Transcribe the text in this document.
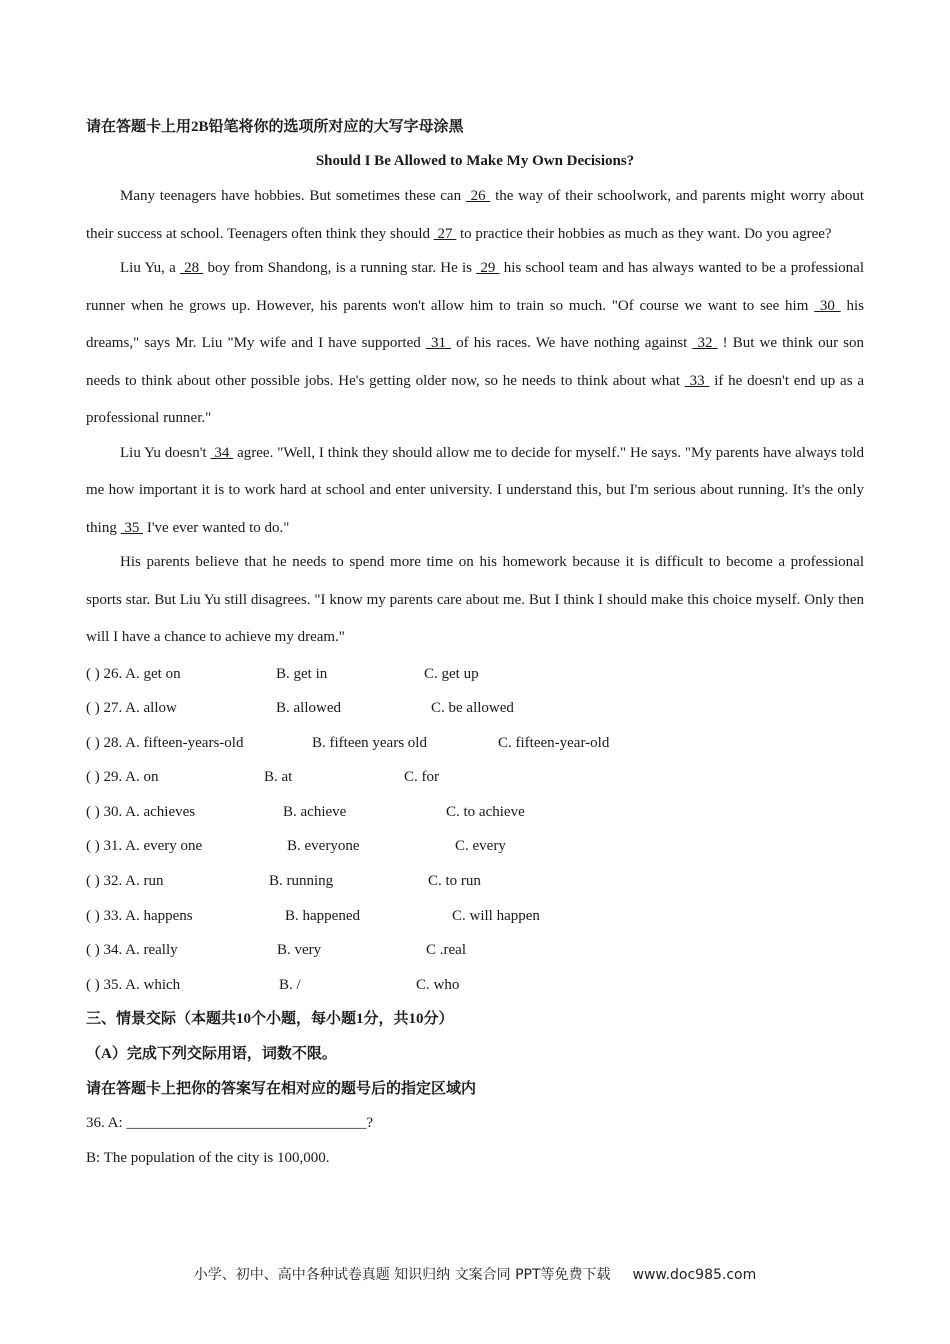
请在答题卡上用2B铅笔将你的选项所对应的大写字母涂黑
Should I Be Allowed to Make My Own Decisions?

Many teenagers have hobbies. But sometimes these can  26  the way of their schoolwork, and parents might worry about their success at school. Teenagers often think they should  27  to practice their hobbies as much as they want. Do you agree?

Liu Yu, a  28  boy from Shandong, is a running star. He is  29  his school team and has always wanted to be a professional runner when he grows up. However, his parents won't allow him to train so much. "Of course we want to see him  30  his dreams," says Mr. Liu "My wife and I have supported  31  of his races. We have nothing against  32  ! But we think our son needs to think about other possible jobs. He's getting older now, so he needs to think about what  33  if he doesn't end up as a professional runner."

Liu Yu doesn't  34  agree. "Well, I think they should allow me to decide for myself." He says. "My parents have always told me how important it is to work hard at school and enter university. I understand this, but I'm serious about running. It's the only thing  35  I've ever wanted to do."

His parents believe that he needs to spend more time on his homework because it is difficult to become a professional sports star. But Liu Yu still disagrees. "I know my parents care about me. But I think I should make this choice myself. Only then will I have a chance to achieve my dream."

( ) 26. A. get on	B. get in	C. get up
( ) 27. A. allow	B. allowed	C. be allowed
( ) 28. A. fifteen-years-old	B. fifteen years old	C. fifteen-year-old
( ) 29. A. on	B. at	C. for
( ) 30. A. achieves	B. achieve	C. to achieve
( ) 31. A. every one	B. everyone	C. every
( ) 32. A. run	B. running	C. to run
( ) 33. A. happens	B. happened	C. will happen
( ) 34. A. really	B. very	C .real
( ) 35. A. which	B. /	C. who
三、情景交际（本题共10个小题，每小题1分，共10分）
（A）完成下列交际用语，词数不限。
请在答题卡上把你的答案写在相对应的题号后的指定区域内
36. A: ________________________________?
B: The population of the city is 100,000.
小学、初中、高中各种试卷真题 知识归纳 文案合同 PPT等免费下载 www.doc985.com
